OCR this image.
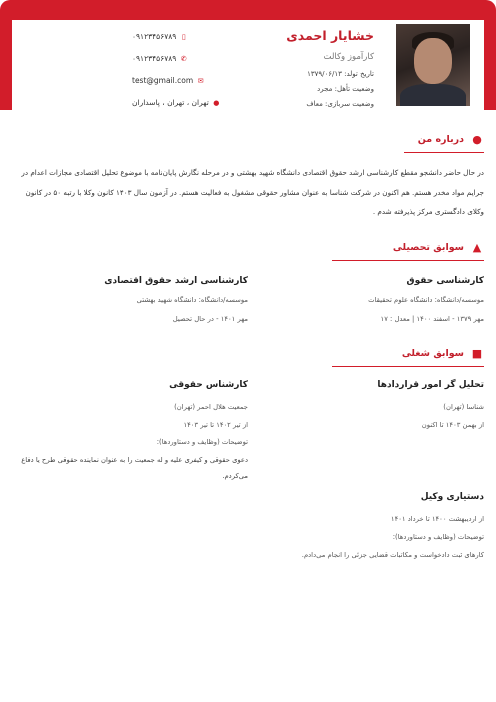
خشایار احمدی
کارآموز وکالت
تاریخ تولد: ۱۳۷۹/۰۶/۱۳
وضعیت تأهل: مجرد
وضعیت سربازی: معاف
▯۰۹۱۲۳۴۵۶۷۸۹
✆۰۹۱۲۳۴۵۶۷۸۹
✉test@gmail.com
●تهران ، تهران ، پاسداران
●
درباره من
در حال حاضر دانشجو مقطع کارشناسی ارشد حقوق اقتصادی دانشگاه شهید بهشتی و در مرحله نگارش پایان‌نامه با موضوع تحلیل اقتصادی مجازات اعدام در جرایم مواد مخدر هستم. هم اکنون در شرکت شناسا به عنوان مشاور حقوقی مشغول به فعالیت هستم. در آزمون سال ۱۴۰۳ کانون وکلا با رتبه ۵۰ در کانون وکلای دادگستری مرکز پذیرفته شدم .
▲
سوابق تحصیلی
کارشناسی حقوق
موسسه/دانشگاه: دانشگاه علوم تحقیقات
مهر ۱۳۷۹ - اسفند ۱۴۰۰ | معدل : ۱۷
کارشناسی ارشد حقوق اقتصادی
موسسه/دانشگاه: دانشگاه شهید بهشتی
مهر ۱۴۰۱ - در حال تحصیل
■
سوابق شغلی
تحلیل گر امور قراردادها
شناسا (تهران)
از بهمن ۱۴۰۳ تا اکنون
کارشناس حقوقی
جمعیت هلال احمر (تهران)
از تیر ۱۴۰۲ تا تیر ۱۴۰۳
توضیحات (وظایف و دستاوردها):
دعوی حقوقی و کیفری علیه و له جمعیت را به عنوان نماینده حقوقی طرح یا دفاع می‌کردم.
دستیاری وکیل
از اردیبهشت ۱۴۰۰ تا خرداد ۱۴۰۱
توضیحات (وظایف و دستاوردها):
کارهای ثبت دادخواست و مکاتبات قضایی جزئی را انجام می‌دادم.
